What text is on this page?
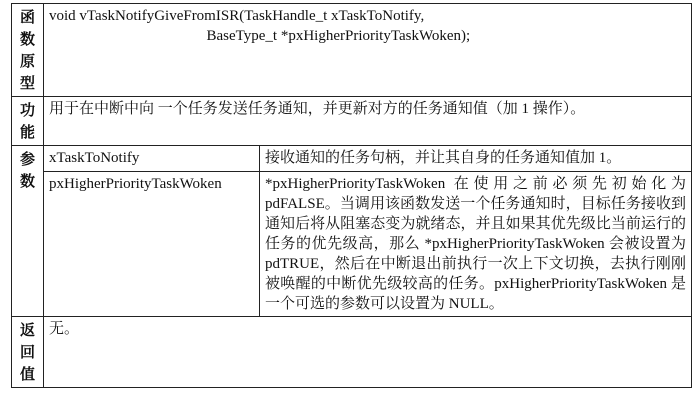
函
数
原
型	void vTaskNotifyGiveFromISR(TaskHandle_t xTaskToNotify,
BaseType_t *pxHigherPriorityTaskWoken);	
功
能	用于在中断中向 一个任务发送任务通知，并更新对方的任务通知值（加 1 操作）。	
参
数	xTaskToNotify	接收通知的任务句柄，并让其自身的任务通知值加 1。
	pxHigherPriorityTaskWoken	*pxHigherPriorityTaskWoken 在使用之前必须先初始化为 pdFALSE。当调用该函数发送一个任务通知时，目标任务接收到通知后将从阻塞态变为就绪态，并且如果其优先级比当前运行的任务的优先级高，那么 *pxHigherPriorityTaskWoken 会被设置为 pdTRUE，然后在中断退出前执行一次上下文切换，去执行刚刚被唤醒的中断优先级较高的任务。pxHigherPriorityTaskWoken 是一个可选的参数可以设置为 NULL。
返
回
值	无。	
